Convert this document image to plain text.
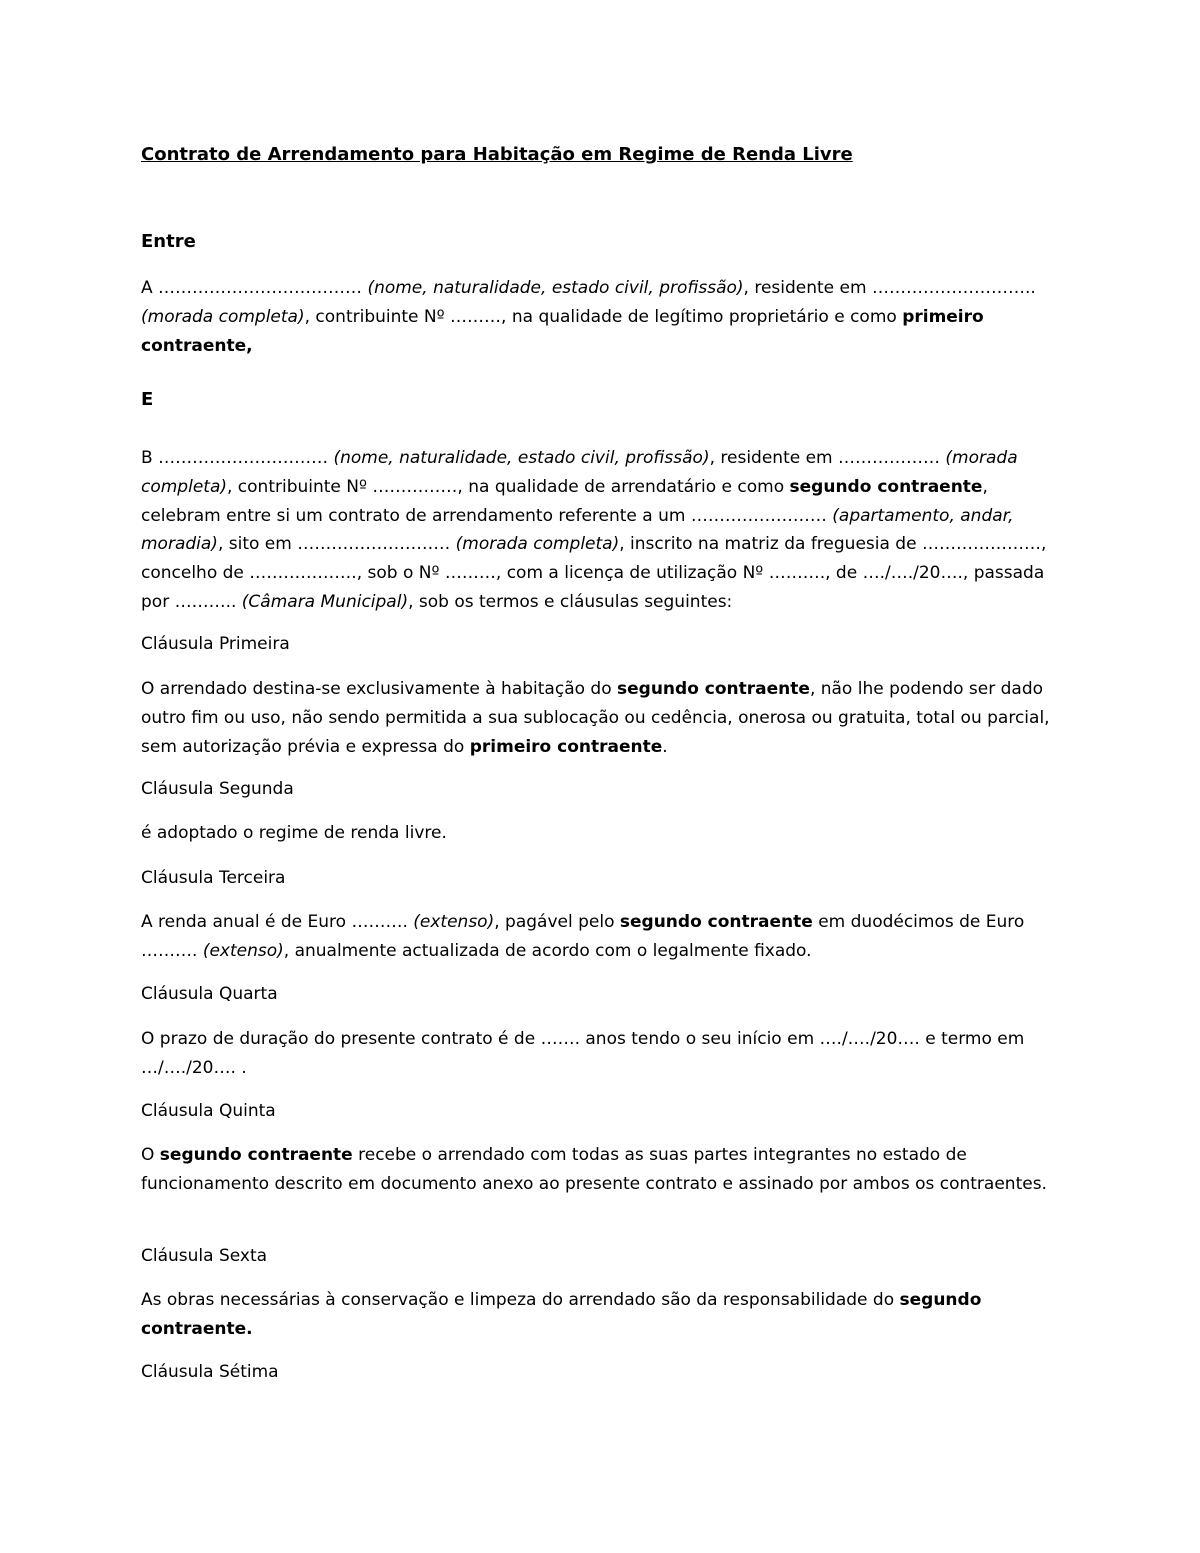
Contrato de Arrendamento para Habitação em Regime de Renda Livre

Entre

A ……………………………… (nome, naturalidade, estado civil, profissão), residente em ……………………….. (morada completa), contribuinte Nº ………, na qualidade de legítimo proprietário e como primeiro contraente,

E

B ………………………… (nome, naturalidade, estado civil, profissão), residente em ……………… (morada completa), contribuinte Nº ……………, na qualidade de arrendatário e como segundo contraente, celebram entre si um contrato de arrendamento referente a um …………………… (apartamento, andar, moradia), sito em ……………………… (morada completa), inscrito na matriz da freguesia de …………………, concelho de ………………., sob o Nº ………, com a licença de utilização Nº ………., de …./…./20…., passada por ……….. (Câmara Municipal), sob os termos e cláusulas seguintes:

Cláusula Primeira

O arrendado destina-se exclusivamente à habitação do segundo contraente, não lhe podendo ser dado outro fim ou uso, não sendo permitida a sua sublocação ou cedência, onerosa ou gratuita, total ou parcial, sem autorização prévia e expressa do primeiro contraente.

Cláusula Segunda

é adoptado o regime de renda livre.

Cláusula Terceira

A renda anual é de Euro ………. (extenso), pagável pelo segundo contraente em duodécimos de Euro ………. (extenso), anualmente actualizada de acordo com o legalmente fixado.

Cláusula Quarta

O prazo de duração do presente contrato é de ……. anos tendo o seu início em …./…./20…. e termo em …/…./20…. .

Cláusula Quinta

O segundo contraente recebe o arrendado com todas as suas partes integrantes no estado de funcionamento descrito em documento anexo ao presente contrato e assinado por ambos os contraentes.

Cláusula Sexta

As obras necessárias à conservação e limpeza do arrendado são da responsabilidade do segundo contraente.

Cláusula Sétima
